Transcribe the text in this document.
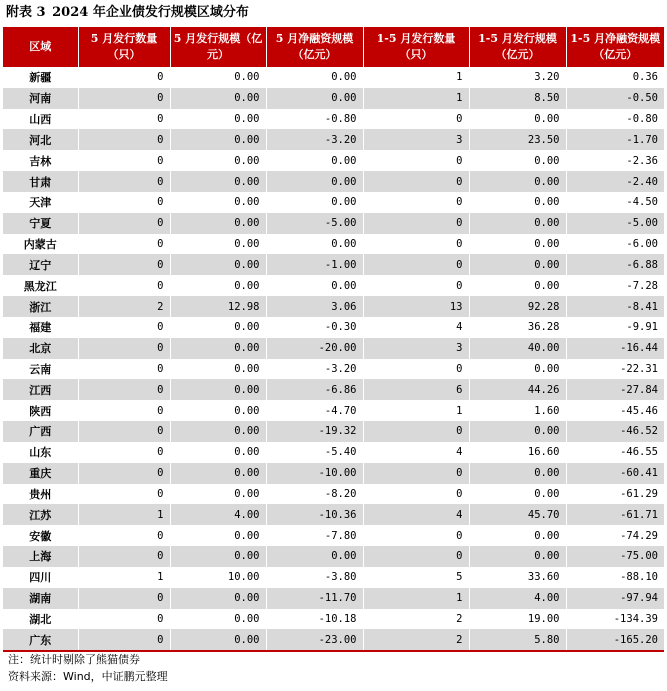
附表 3 2024 年企业债发行规模区域分布
区域	5 月发行数量（只）	5 月发行规模（亿元）	5 月净融资规模（亿元）	1-5 月发行数量（只）	1-5 月发行规模（亿元）	1-5 月净融资规模（亿元）
新疆	0	0.00	0.00	1	3.20	0.36
河南	0	0.00	0.00	1	8.50	-0.50
山西	0	0.00	-0.80	0	0.00	-0.80
河北	0	0.00	-3.20	3	23.50	-1.70
吉林	0	0.00	0.00	0	0.00	-2.36
甘肃	0	0.00	0.00	0	0.00	-2.40
天津	0	0.00	0.00	0	0.00	-4.50
宁夏	0	0.00	-5.00	0	0.00	-5.00
内蒙古	0	0.00	0.00	0	0.00	-6.00
辽宁	0	0.00	-1.00	0	0.00	-6.88
黑龙江	0	0.00	0.00	0	0.00	-7.28
浙江	2	12.98	3.06	13	92.28	-8.41
福建	0	0.00	-0.30	4	36.28	-9.91
北京	0	0.00	-20.00	3	40.00	-16.44
云南	0	0.00	-3.20	0	0.00	-22.31
江西	0	0.00	-6.86	6	44.26	-27.84
陕西	0	0.00	-4.70	1	1.60	-45.46
广西	0	0.00	-19.32	0	0.00	-46.52
山东	0	0.00	-5.40	4	16.60	-46.55
重庆	0	0.00	-10.00	0	0.00	-60.41
贵州	0	0.00	-8.20	0	0.00	-61.29
江苏	1	4.00	-10.36	4	45.70	-61.71
安徽	0	0.00	-7.80	0	0.00	-74.29
上海	0	0.00	0.00	0	0.00	-75.00
四川	1	10.00	-3.80	5	33.60	-88.10
湖南	0	0.00	-11.70	1	4.00	-97.94
湖北	0	0.00	-10.18	2	19.00	-134.39
广东	0	0.00	-23.00	2	5.80	-165.20
注：统计时剔除了熊猫债券
资料来源：Wind，中证鹏元整理
